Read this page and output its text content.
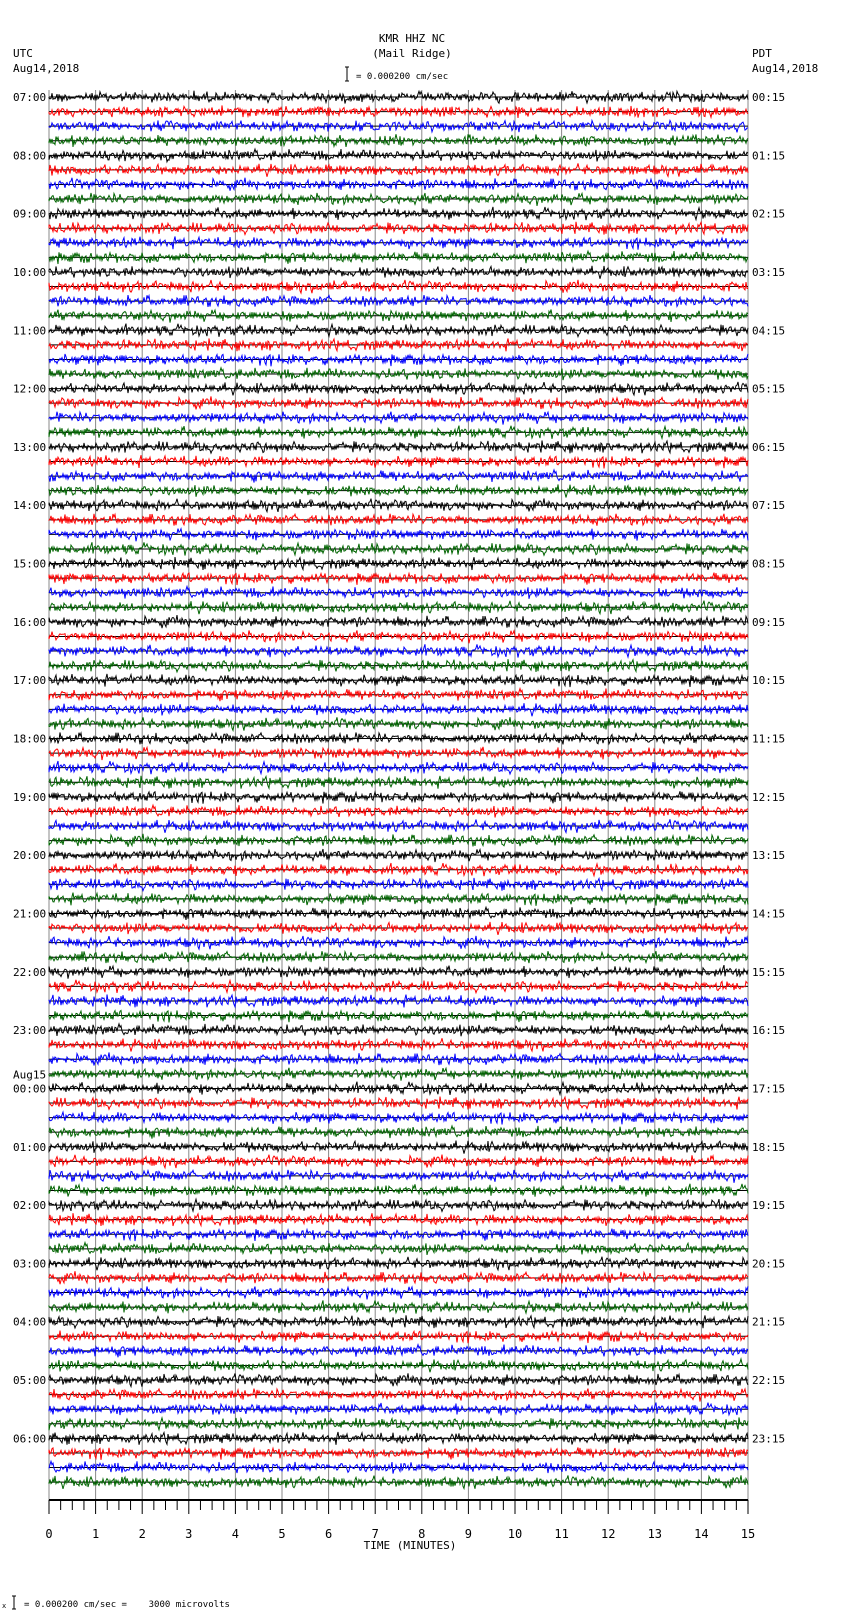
KMR HHZ NC
(Mail Ridge)
UTC
Aug14,2018
PDT
Aug14,2018
= 0.000200 cm/sec
07:00
08:00
09:00
10:00
11:00
12:00
13:00
14:00
15:00
16:00
17:00
18:00
19:00
20:00
21:00
22:00
23:00
Aug15
00:00
01:00
02:00
03:00
04:00
05:00
06:00
00:15
01:15
02:15
03:15
04:15
05:15
06:15
07:15
08:15
09:15
10:15
11:15
12:15
13:15
14:15
15:15
16:15
17:15
18:15
19:15
20:15
21:15
22:15
23:15
0	1	2	3	4	5	6	7	8	9	10	11	12	13	14	15
TIME (MINUTES)
x = 0.000200 cm/sec =    3000 microvolts
